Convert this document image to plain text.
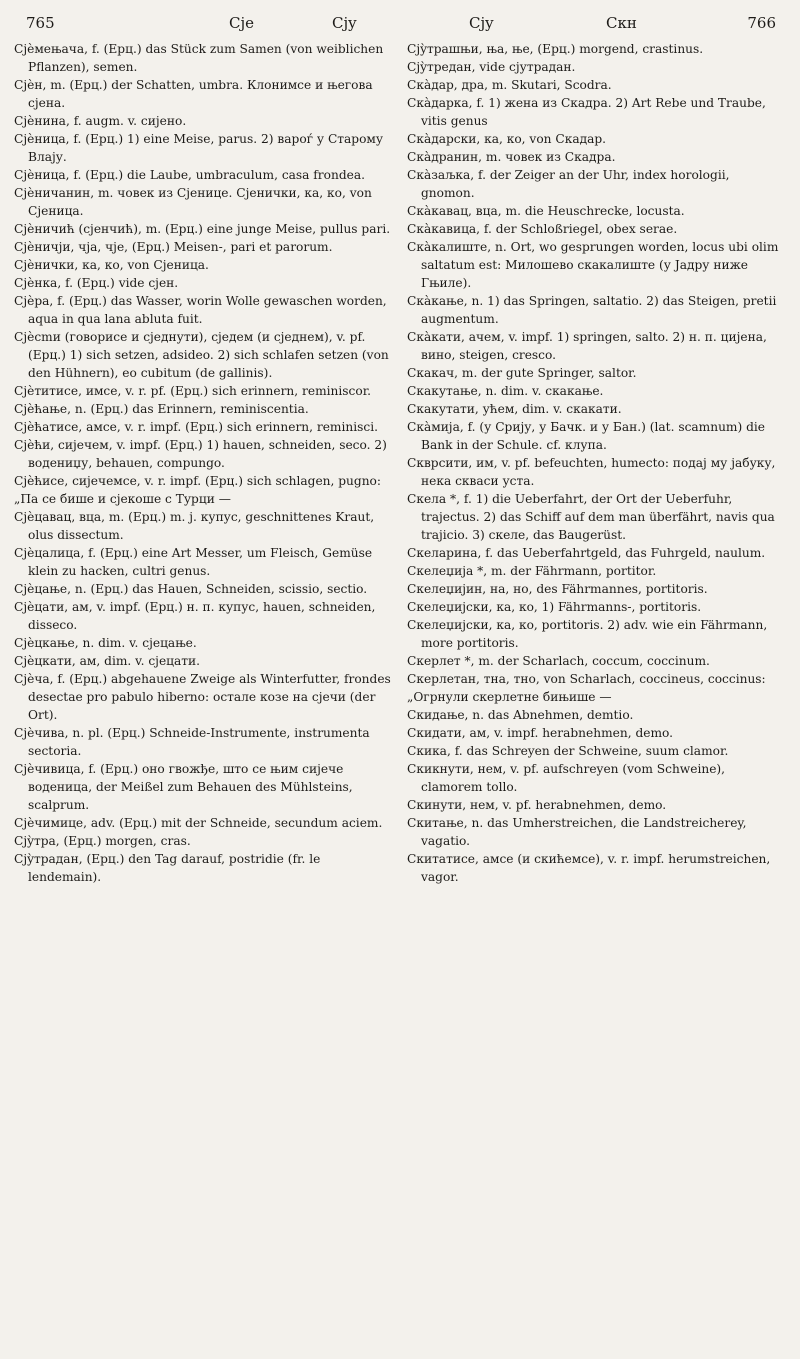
765	Cje	Cjy	Cjy	Скн	766

Cjèмењача, f. (Ерц.) das Stück zum Samen (von weiblichen Pflanzen), semen.

Cjèн, m. (Ерц.) der Schatten, umbra. Клонимсе и његова сјена.

Cjèнина, f. augm. v. сијено.

Cjèница, f. (Ерц.) 1) eine Meise, parus. 2) вароѓ у Старому Влају.

Cjèница, f. (Ерц.) die Laube, umbraculum, casa frondea.

Cjèничанин, m. човек из Сјенице. Сјенички, ка, ко, von Сјеница.

Cjèничић (сјенчић), m. (Ерц.) eine junge Meise, pullus pari.

Cjèничји, чја, чје, (Ерц.) Meisen-, pari et parorum.

Cjèнички, ка, ко, von Сјеница.

Cjèнка, f. (Ерц.) vide сјен.

Cjèра, f. (Ерц.) das Wasser, worin Wolle gewaschen worden, aqua in qua lana abluta fuit.

Cjècmи (говорисе и сједнути), сједем (и сједнем), v. pf. (Ерц.) 1) sich setzen, adsideo. 2) sich schlafen setzen (von den Hühnern), eo cubitum (de gallinis).

Cjèтитисе, имсе, v. r. pf. (Ерц.) sich erinnern, reminiscor.

Cjèћање, n. (Ерц.) das Erinnern, reminiscentia.

Cjèћатисе, амсе, v. r. impf. (Ерц.) sich erinnern, reminisci.

Cjèћи, сијечем, v. impf. (Ерц.) 1) hauen, schneiden, seco. 2) водениџу, behauen, compungo.

Cjèћисе, сијечемсе, v. r. impf. (Ерц.) sich schlagen, pugno:

„Па се бише и сјекоше с Турци —

Cjèцавац, вца, m. (Ерц.) m. j. купус, geschnittenes Kraut, olus dissectum.

Cjèцалица, f. (Ерц.) eine Art Messer, um Fleisch, Gemüse klein zu hacken, cultri genus.

Cjèцање, n. (Ерц.) das Hauen, Schneiden, scissio, sectio.

Cjèцати, ам, v. impf. (Ерц.) н. п. купус, hauen, schneiden, disseco.

Cjèцкање, n. dim. v. сјецање.

Cjèцкати, ам, dim. v. сјецати.

Cjèча, f. (Ерц.) abgehauene Zweige als Winterfutter, frondes desectae pro pabulo hiberno: остале козе на сјечи (der Ort).

Cjèчива, n. pl. (Ерц.) Schneide-Instrumente, instrumenta sectoria.

Cjèчивица, f. (Ерц.) оно гвожђе, што се њим сијече воденица, der Meißel zum Behauen des Mühlsteins, scalprum.

Cjèчимице, adv. (Ерц.) mit der Schneide, secundum aciem.

Cjỳтра, (Ерц.) morgen, cras.

Cjỳтрадан, (Ерц.) den Tag darauf, postridie (fr. le lendemain).

Cjỳтрашњи, ња, ње, (Ерц.) morgend, crastinus.

Cjỳтредан, vide сјутрадан.

Скàдар, дра, m. Skutari, Scodra.

Скàдарка, f. 1) жена из Скадра. 2) Art Rebe und Traube, vitis genus

Скàдарски, ка, ко, von Скадар.

Скàдранин, m. човек из Скадра.

Скàзаљка, f. der Zeiger an der Uhr, index horologii, gnomon.

Скàкавац, вца, m. die Heuschrecke, locusta.

Скàкавица, f. der Schloßriegel, obex serae.

Скàкалиште, n. Ort, wo gesprungen worden, locus ubi olim saltatum est: Милошево скакалиште (у Јадру ниже Гњиле).

Скàкање, n. 1) das Springen, saltatio. 2) das Steigen, pretii augmentum.

Скàкати, ачем, v. impf. 1) springen, salto. 2) н. п. цијена, вино, steigen, cresco.

Скакач, m. der gute Springer, saltor.

Скакутање, n. dim. v. скакање.

Скакутати, ућем, dim. v. скакати.

Скàмија, f. (у Срију, у Бачк. и у Бан.) (lat. scamnum) die Bank in der Schule. cf. клупа.

Скврсити, им, v. pf. befeuchten, humecto: подај му јабуку, нека скваси уста.

Скела *, f. 1) die Ueberfahrt, der Ort der Ueberfuhr, trajectus. 2) das Schiff auf dem man überfährt, navis qua trajicio. 3) скеле, das Baugerüst.

Скеларина, f. das Ueberfahrtgeld, das Fuhrgeld, naulum.

Скелеџија *, m. der Fährmann, portitor.

Скелеџијин, на, но, des Fährmannes, portitoris.

Скелеџијски, ка, ко, 1) Fährmanns-, portitoris.

Скелеџијски, ка, ко, portitoris. 2) adv. wie ein Fährmann, more portitoris.

Скерлет *, m. der Scharlach, coccum, coccinum.

Скерлетан, тна, тно, von Scharlach, coccineus, coccinus:

„Огрнули скерлетне бињише —

Скидање, n. das Abnehmen, demtio.

Скидати, ам, v. impf. herabnehmen, demo.

Скика, f. das Schreyen der Schweine, suum clamor.

Скикнути, нем, v. pf. aufschreyen (vom Schweine), clamorem tollo.

Скинути, нем, v. pf. herabnehmen, demo.

Скитање, n. das Umherstreichen, die Landstreicherey, vagatio.

Скитатисе, амсе (и скићемсе), v. r. impf. herumstreichen, vagor.
